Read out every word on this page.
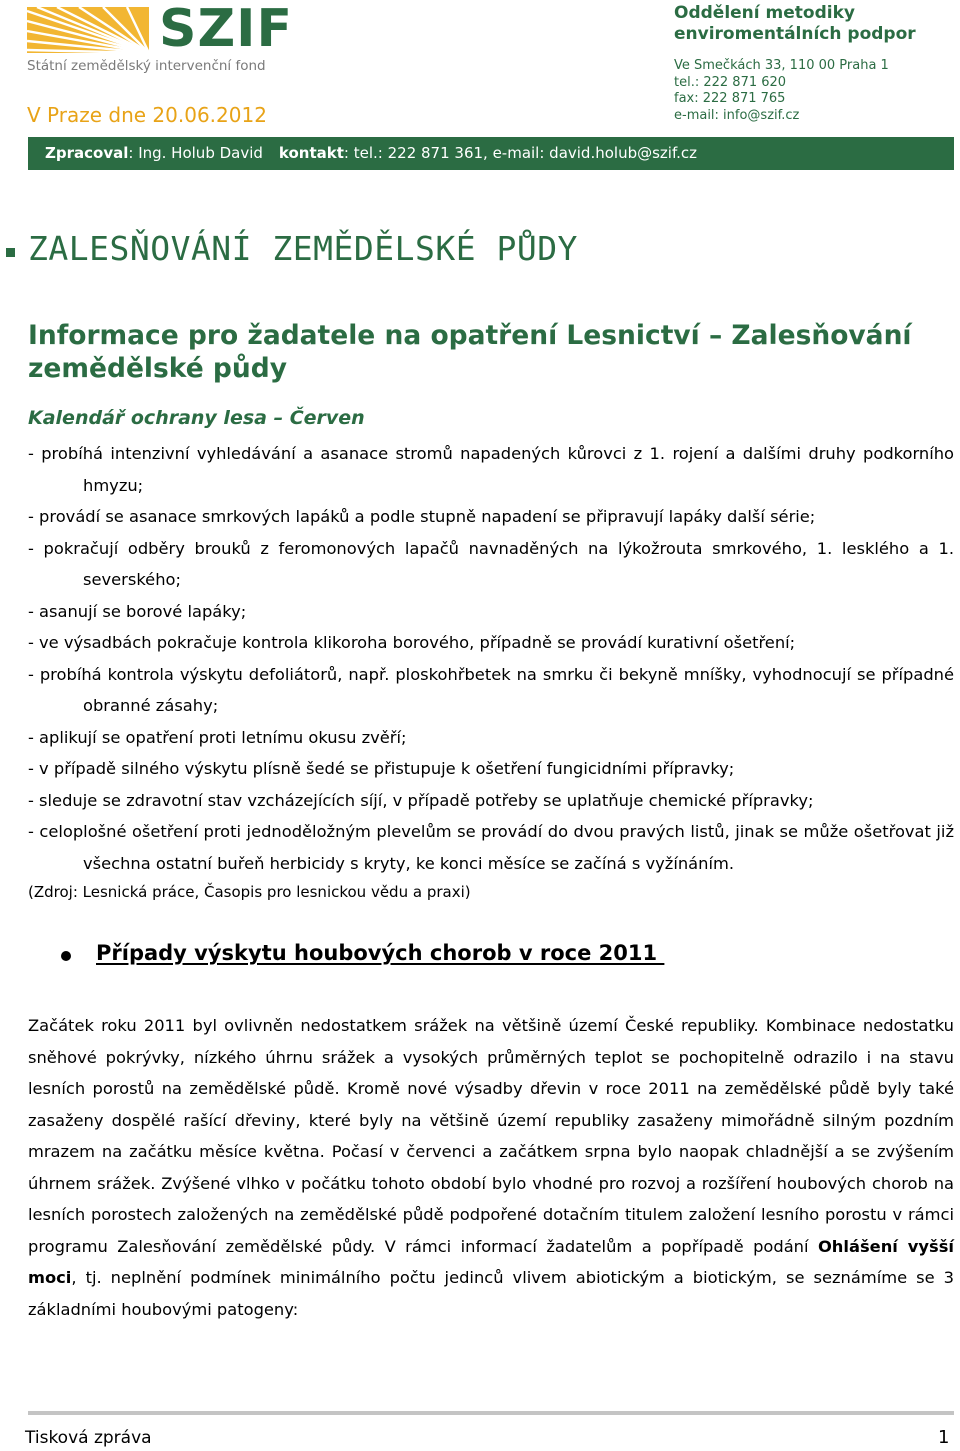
SZIF
Státní zemědělský intervenční fond
V Praze dne 20.06.2012
Oddělení metodiky enviromentálních podpor
Ve Smečkách 33, 110 00 Praha 1
tel.: 222 871 620
fax: 222 871 765
e-mail: info@szif.cz
Zpracoval: Ing. Holub David kontakt: tel.: 222 871 361, e-mail: david.holub@szif.cz
ZALESŇOVÁNÍ ZEMĚDĚLSKÉ PŮDY
Informace pro žadatele na opatření Lesnictví – Zalesňování zemědělské půdy
Kalendář ochrany lesa – Červen

- probíhá intenzivní vyhledávání a asanace stromů napadených kůrovci z 1. rojení a dalšími druhy podkorního hmyzu;

- provádí se asanace smrkových lapáků a podle stupně napadení se připravují lapáky další série;

- pokračují odběry brouků z feromonových lapačů navnaděných na lýkožrouta smrkového, 1. lesklého a 1. severského;

- asanují se borové lapáky;

- ve výsadbách pokračuje kontrola klikoroha borového, případně se provádí kurativní ošetření;

- probíhá kontrola výskytu defoliátorů, např. ploskohřbetek na smrku či bekyně mníšky, vyhodnocují se případné obranné zásahy;

- aplikují se opatření proti letnímu okusu zvěří;

- v případě silného výskytu plísně šedé se přistupuje k ošetření fungicidními přípravky;

- sleduje se zdravotní stav vzcházejících síjí, v případě potřeby se uplatňuje chemické přípravky;

- celoplošné ošetření proti jednoděložným plevelům se provádí do dvou pravých listů, jinak se může ošetřovat již všechna ostatní buřeň herbicidy s kryty, ke konci měsíce se začíná s vyžínáním.

(Zdroj: Lesnická práce, Časopis pro lesnickou vědu a praxi)
Případy výskytu houbových chorob v roce 2011
Začátek roku 2011 byl ovlivněn nedostatkem srážek na většině území České republiky. Kombinace nedostatku sněhové pokrývky, nízkého úhrnu srážek a vysokých průměrných teplot se pochopitelně odrazilo i na stavu lesních porostů na zemědělské půdě. Kromě nové výsadby dřevin v roce 2011 na zemědělské půdě byly také zasaženy dospělé rašící dřeviny, které byly na většině území republiky zasaženy mimořádně silným pozdním mrazem na začátku měsíce května. Počasí v červenci a začátkem srpna bylo naopak chladnější a se zvýšením úhrnem srážek. Zvýšené vlhko v počátku tohoto období bylo vhodné pro rozvoj a rozšíření houbových chorob na lesních porostech založených na zemědělské půdě podpořené dotačním titulem založení lesního porostu v rámci programu Zalesňování zemědělské půdy. V rámci informací žadatelům a popřípadě podání Ohlášení vyšší moci, tj. neplnění podmínek minimálního počtu jedinců vlivem abiotickým a biotickým, se seznámíme se 3 základními houbovými patogeny:
Tisková zpráva	1
